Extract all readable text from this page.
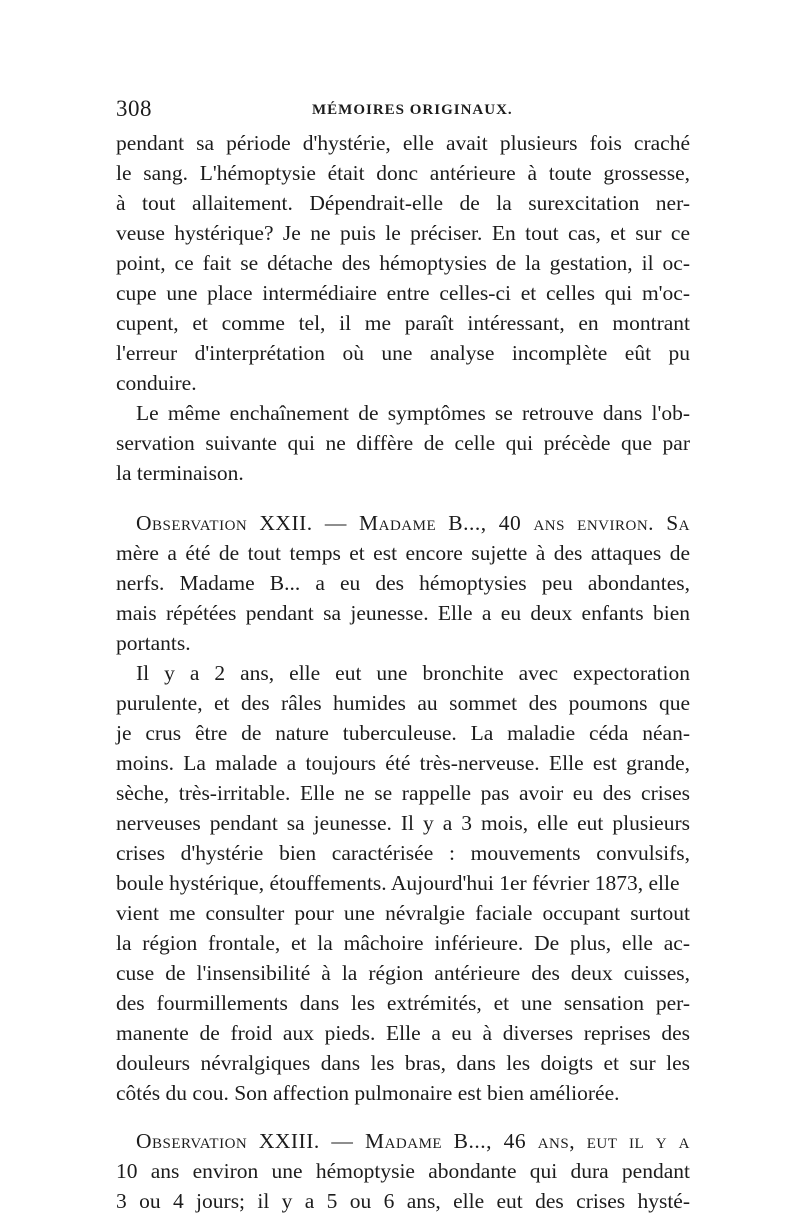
308	MÉMOIRES ORIGINAUX.
pendant sa période d'hystérie, elle avait plusieurs fois craché
le sang. L'hémoptysie était donc antérieure à toute grossesse,
à tout allaitement. Dépendrait-elle de la surexcitation ner-
veuse hystérique? Je ne puis le préciser. En tout cas, et sur ce
point, ce fait se détache des hémoptysies de la gestation, il oc-
cupe une place intermédiaire entre celles-ci et celles qui m'oc-
cupent, et comme tel, il me paraît intéressant, en montrant
l'erreur d'interprétation où une analyse incomplète eût pu
conduire.
Le même enchaînement de symptômes se retrouve dans l'ob-
servation suivante qui ne diffère de celle qui précède que par
la terminaison.
Observation XXII. — Madame B..., 40 ans environ. Sa
mère a été de tout temps et est encore sujette à des attaques de
nerfs. Madame B... a eu des hémoptysies peu abondantes,
mais répétées pendant sa jeunesse. Elle a eu deux enfants bien
portants.
Il y a 2 ans, elle eut une bronchite avec expectoration
purulente, et des râles humides au sommet des poumons que
je crus être de nature tuberculeuse. La maladie céda néan-
moins. La malade a toujours été très-nerveuse. Elle est grande,
sèche, très-irritable. Elle ne se rappelle pas avoir eu des crises
nerveuses pendant sa jeunesse. Il y a 3 mois, elle eut plusieurs
crises d'hystérie bien caractérisée : mouvements convulsifs,
boule hystérique, étouffements. Aujourd'hui 1er février 1873, elle
vient me consulter pour une névralgie faciale occupant surtout
la région frontale, et la mâchoire inférieure. De plus, elle ac-
cuse de l'insensibilité à la région antérieure des deux cuisses,
des fourmillements dans les extrémités, et une sensation per-
manente de froid aux pieds. Elle a eu à diverses reprises des
douleurs névralgiques dans les bras, dans les doigts et sur les
côtés du cou. Son affection pulmonaire est bien améliorée.
Observation XXIII. — Madame B..., 46 ans, eut il y a
10 ans environ une hémoptysie abondante qui dura pendant
3 ou 4 jours; il y a 5 ou 6 ans, elle eut des crises hysté-
